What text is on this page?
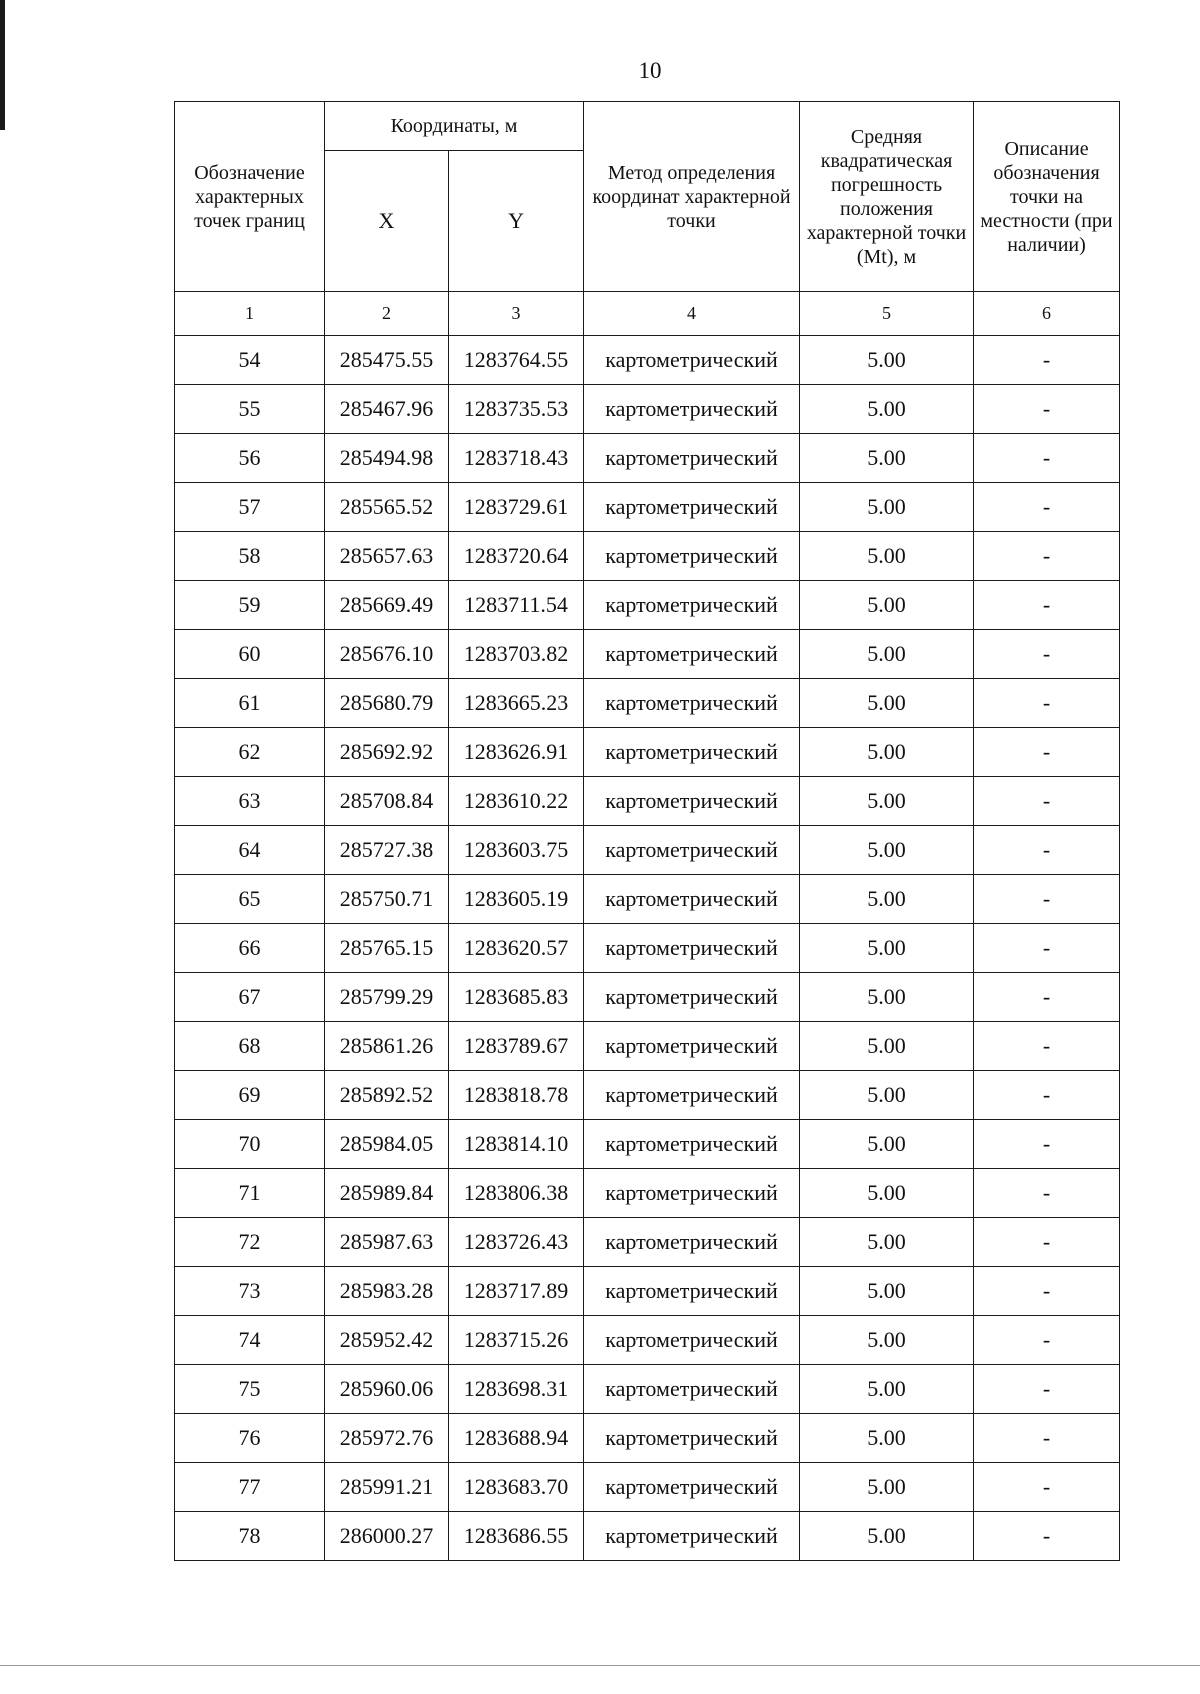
10
Обозначение характерных точек границ	Координаты, м		Метод определения координат характерной точки	Средняя квадратическая погрешность положения характерной точки (Mt), м	Описание обозначения точки на местности (при наличии)
	X	Y			
1	2	3	4	5	6
54	285475.55	1283764.55	картометрический	5.00	-
55	285467.96	1283735.53	картометрический	5.00	-
56	285494.98	1283718.43	картометрический	5.00	-
57	285565.52	1283729.61	картометрический	5.00	-
58	285657.63	1283720.64	картометрический	5.00	-
59	285669.49	1283711.54	картометрический	5.00	-
60	285676.10	1283703.82	картометрический	5.00	-
61	285680.79	1283665.23	картометрический	5.00	-
62	285692.92	1283626.91	картометрический	5.00	-
63	285708.84	1283610.22	картометрический	5.00	-
64	285727.38	1283603.75	картометрический	5.00	-
65	285750.71	1283605.19	картометрический	5.00	-
66	285765.15	1283620.57	картометрический	5.00	-
67	285799.29	1283685.83	картометрический	5.00	-
68	285861.26	1283789.67	картометрический	5.00	-
69	285892.52	1283818.78	картометрический	5.00	-
70	285984.05	1283814.10	картометрический	5.00	-
71	285989.84	1283806.38	картометрический	5.00	-
72	285987.63	1283726.43	картометрический	5.00	-
73	285983.28	1283717.89	картометрический	5.00	-
74	285952.42	1283715.26	картометрический	5.00	-
75	285960.06	1283698.31	картометрический	5.00	-
76	285972.76	1283688.94	картометрический	5.00	-
77	285991.21	1283683.70	картометрический	5.00	-
78	286000.27	1283686.55	картометрический	5.00	-
